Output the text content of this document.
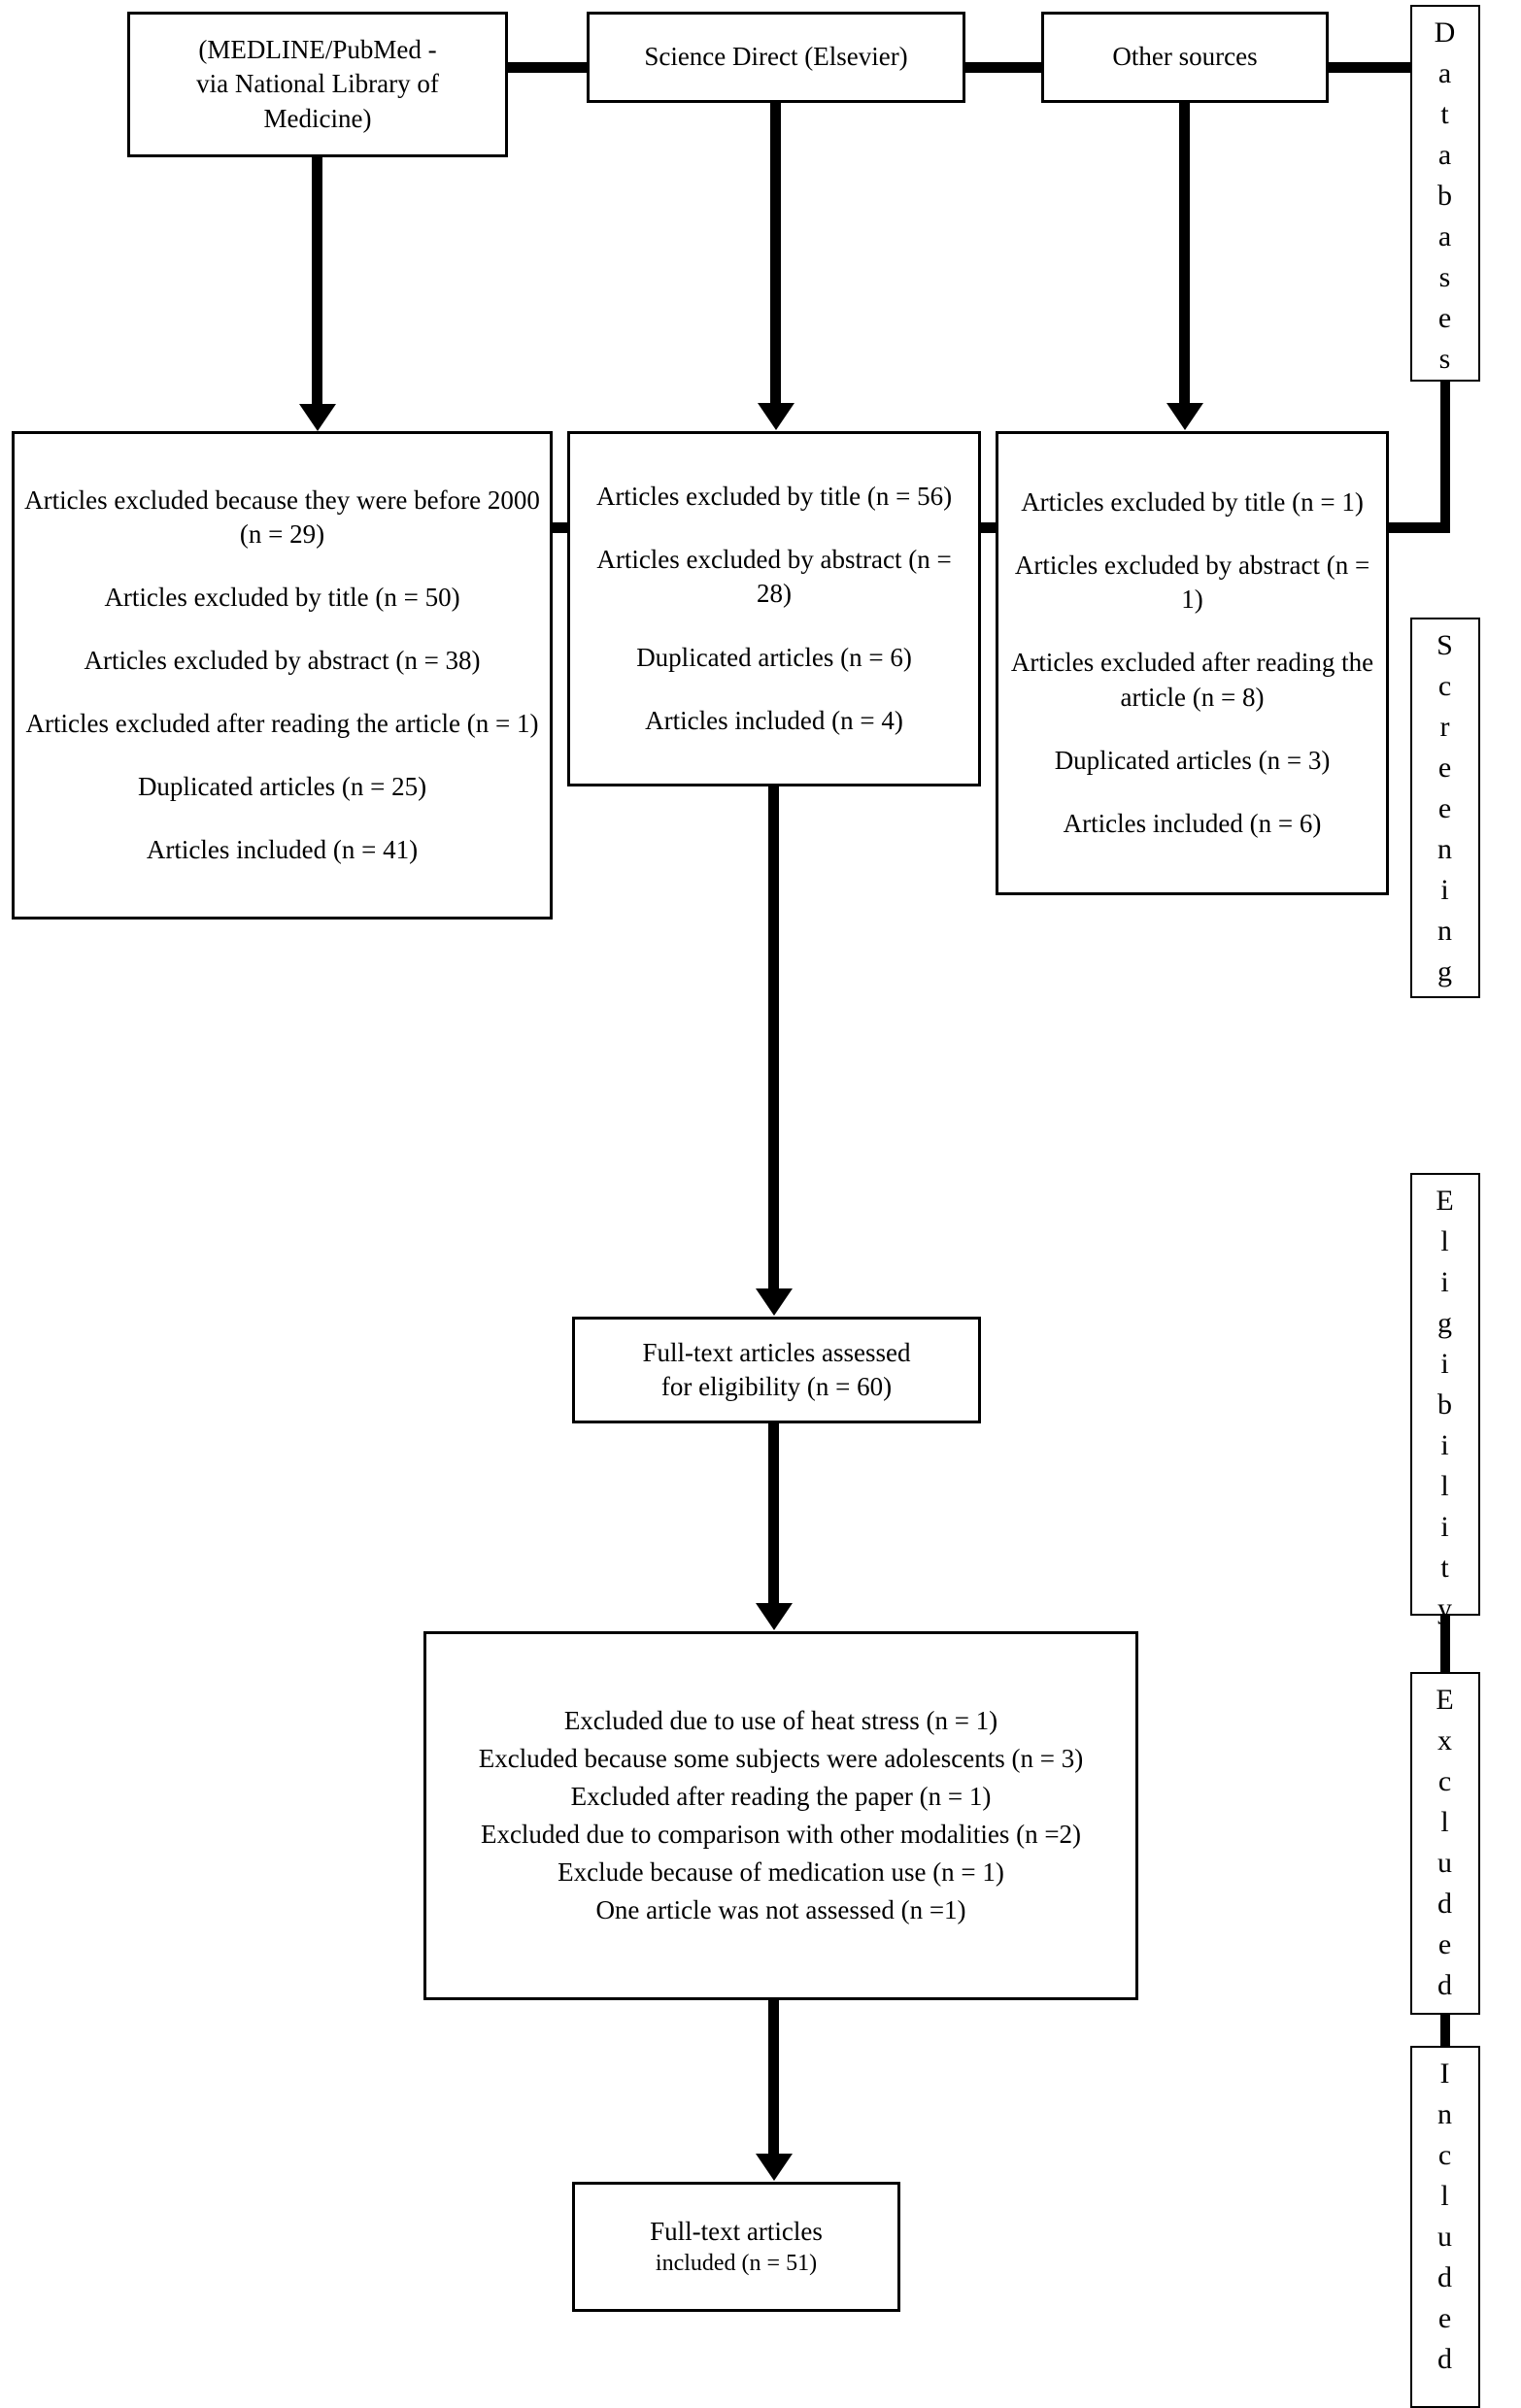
(MEDLINE/PubMed -
via National Library of
Medicine)
Science Direct (Elsevier)	Other sources	Databases
Screening
Eligibility
Excluded
Included
Articles excluded because they were before 2000 (n = 29)
Articles excluded by title (n = 50)
Articles excluded by abstract (n = 38)
Articles excluded after reading the article (n = 1)
Duplicated articles (n = 25)
Articles included (n = 41)
Articles excluded by title (n = 56)
Articles excluded by abstract (n = 28)
Duplicated articles (n = 6)
Articles included (n = 4)
Articles excluded by title (n = 1)
Articles excluded by abstract (n = 1)
Articles excluded after reading the article (n = 8)
Duplicated articles (n = 3)
Articles included (n = 6)
Full-text articles assessed
for eligibility (n = 60)
Excluded due to use of heat stress (n = 1)
Excluded because some subjects were adolescents (n = 3)
Excluded after reading the paper (n = 1)
Excluded due to comparison with other modalities (n =2)
Exclude because of medication use (n = 1)
One article was not assessed (n =1)
Full-text articles
included (n = 51)
